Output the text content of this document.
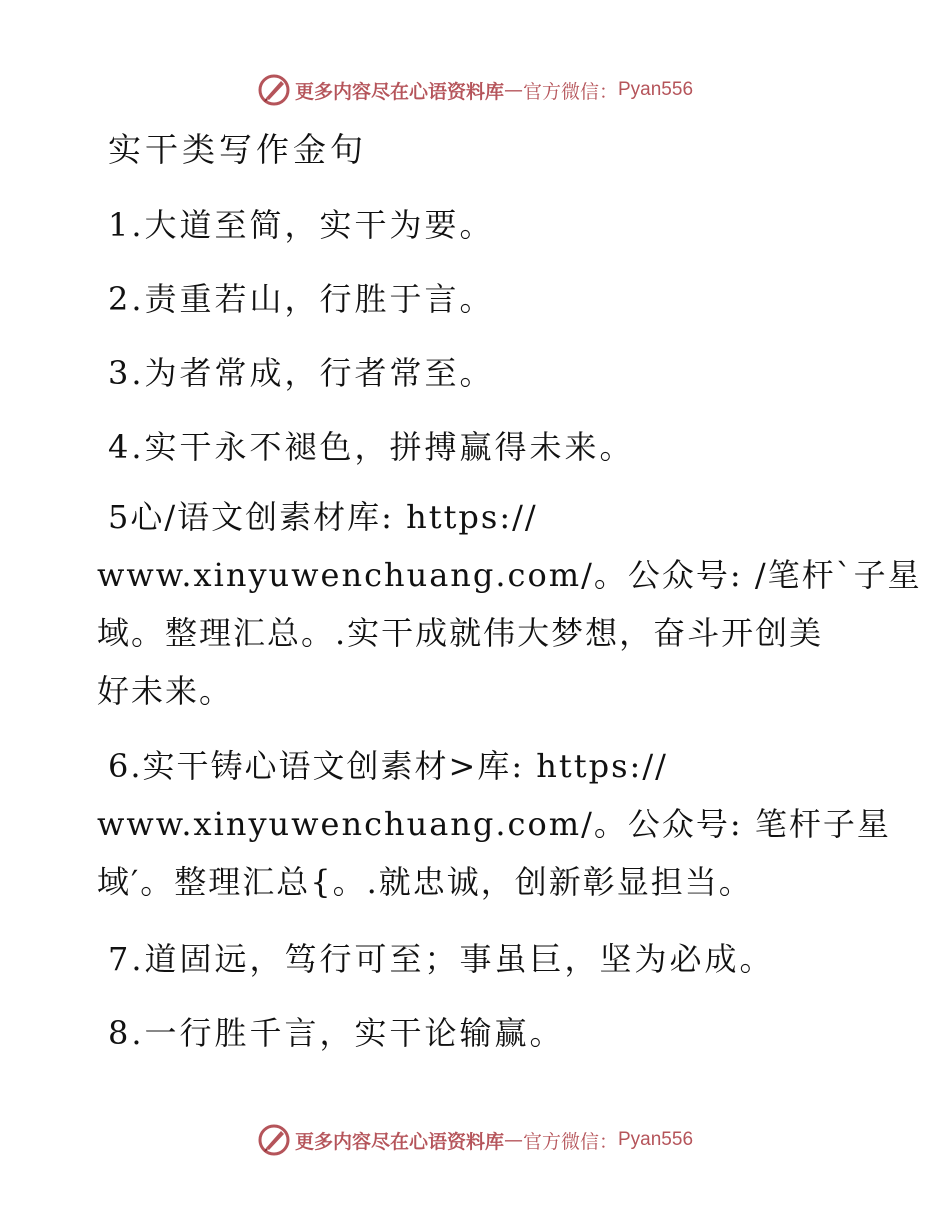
更多内容尽在心语资料库 — 官方微信： Pyan556
实干类写作金句
1.大道至简，实干为要。
2.责重若山，行胜于言。
3.为者常成，行者常至。
4.实干永不褪色，拼搏赢得未来。
5心/语文创素材库: https://
www.xinyuwenchuang.com/。公众号: /笔杆`子星
域。整理汇总。.实干成就伟大梦想，奋斗开创美
好未来。
6.实干铸心语文创素材>库: https://
www.xinyuwenchuang.com/。公众号: 笔杆子星
域′。整理汇总{。.就忠诚，创新彰显担当。
7.道固远，笃行可至；事虽巨，坚为必成。
8.一行胜千言，实干论输赢。
更多内容尽在心语资料库 — 官方微信： Pyan556
